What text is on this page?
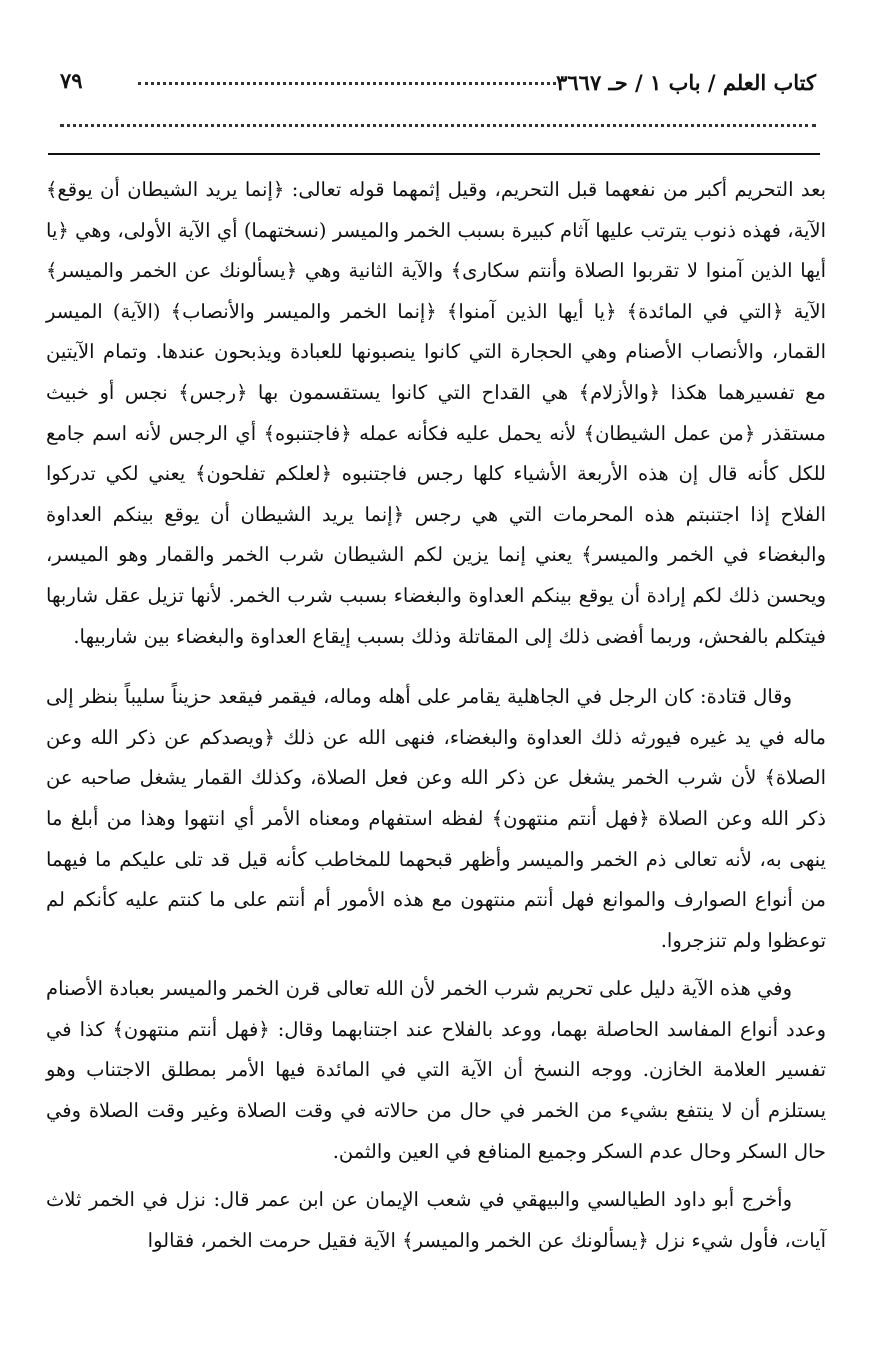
كتاب العلم / باب ١ / حـ ٣٦٦٧
٧٩

بعد التحريم أكبر من نفعهما قبل التحريم، وقيل إثمهما قوله تعالى: ﴿إنما يريد الشيطان أن يوقع﴾ الآية، فهذه ذنوب يترتب عليها آثام كبيرة بسبب الخمر والميسر (نسختهما) أي الآية الأولى، وهي ﴿يا أيها الذين آمنوا لا تقربوا الصلاة وأنتم سكارى﴾ والآية الثانية وهي ﴿يسألونك عن الخمر والميسر﴾ الآية ﴿التي في المائدة﴾ ﴿يا أيها الذين آمنوا﴾ ﴿إنما الخمر والميسر والأنصاب﴾ (الآية) الميسر القمار، والأنصاب الأصنام وهي الحجارة التي كانوا ينصبونها للعبادة ويذبحون عندها. وتمام الآيتين مع تفسيرهما هكذا ﴿والأزلام﴾ هي القداح التي كانوا يستقسمون بها ﴿رجس﴾ نجس أو خبيث مستقذر ﴿من عمل الشيطان﴾ لأنه يحمل عليه فكأنه عمله ﴿فاجتنبوه﴾ أي الرجس لأنه اسم جامع للكل كأنه قال إن هذه الأربعة الأشياء كلها رجس فاجتنبوه ﴿لعلكم تفلحون﴾ يعني لكي تدركوا الفلاح إذا اجتنبتم هذه المحرمات التي هي رجس ﴿إنما يريد الشيطان أن يوقع بينكم العداوة والبغضاء في الخمر والميسر﴾ يعني إنما يزين لكم الشيطان شرب الخمر والقمار وهو الميسر، ويحسن ذلك لكم إرادة أن يوقع بينكم العداوة والبغضاء بسبب شرب الخمر. لأنها تزيل عقل شاربها فيتكلم بالفحش، وربما أفضى ذلك إلى المقاتلة وذلك بسبب إيقاع العداوة والبغضاء بين شاربيها.

وقال قتادة: كان الرجل في الجاهلية يقامر على أهله وماله، فيقمر فيقعد حزيناً سليباً بنظر إلى ماله في يد غيره فيورثه ذلك العداوة والبغضاء، فنهى الله عن ذلك ﴿ويصدكم عن ذكر الله وعن الصلاة﴾ لأن شرب الخمر يشغل عن ذكر الله وعن فعل الصلاة، وكذلك القمار يشغل صاحبه عن ذكر الله وعن الصلاة ﴿فهل أنتم منتهون﴾ لفظه استفهام ومعناه الأمر أي انتهوا وهذا من أبلغ ما ينهى به، لأنه تعالى ذم الخمر والميسر وأظهر قبحهما للمخاطب كأنه قيل قد تلى عليكم ما فيهما من أنواع الصوارف والموانع فهل أنتم منتهون مع هذه الأمور أم أنتم على ما كنتم عليه كأنكم لم توعظوا ولم تنزجروا.

وفي هذه الآية دليل على تحريم شرب الخمر لأن الله تعالى قرن الخمر والميسر بعبادة الأصنام وعدد أنواع المفاسد الحاصلة بهما، ووعد بالفلاح عند اجتنابهما وقال: ﴿فهل أنتم منتهون﴾ كذا في تفسير العلامة الخازن. ووجه النسخ أن الآية التي في المائدة فيها الأمر بمطلق الاجتناب وهو يستلزم أن لا ينتفع بشيء من الخمر في حال من حالاته في وقت الصلاة وغير وقت الصلاة وفي حال السكر وحال عدم السكر وجميع المنافع في العين والثمن.

وأخرج أبو داود الطيالسي والبيهقي في شعب الإيمان عن ابن عمر قال: نزل في الخمر ثلاث آيات، فأول شيء نزل ﴿يسألونك عن الخمر والميسر﴾ الآية فقيل حرمت الخمر، فقالوا
